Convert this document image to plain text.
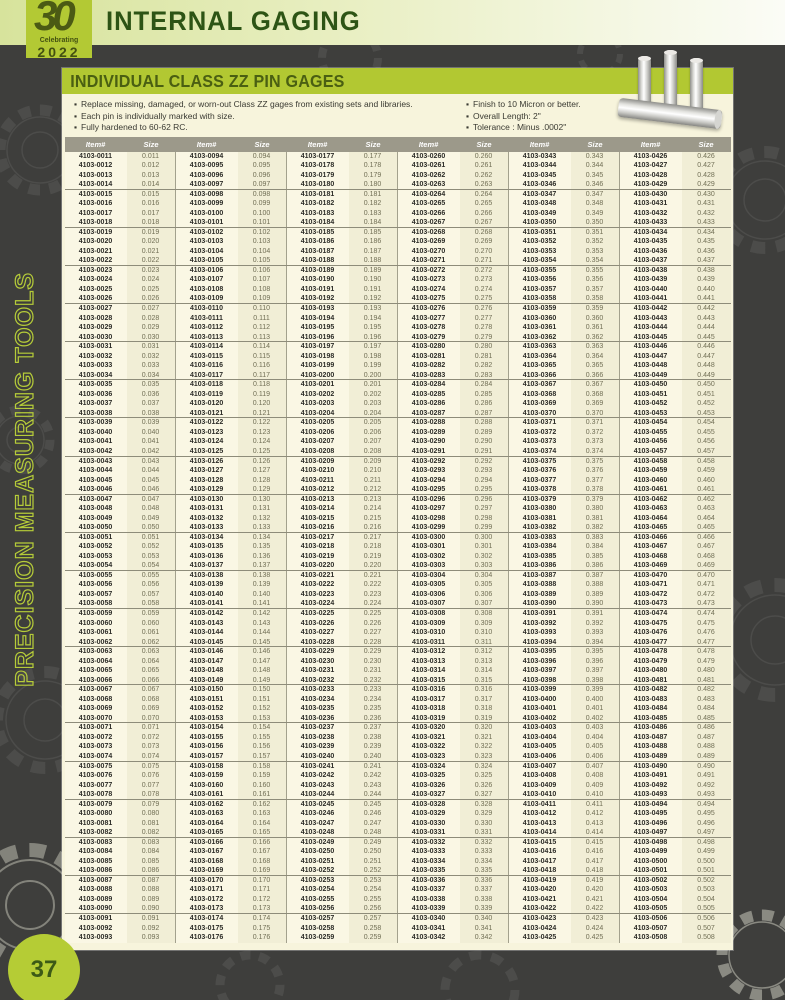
INTERNAL GAGING
30
Celebrating
2022
PRECISION MEASURING TOOLS
37
INDIVIDUAL CLASS ZZ PIN GAGES
▪ Replace missing, damaged, or worn-out Class ZZ gages from existing sets and libraries.
▪ Each pin is individually marked with size.
▪ Fully hardened to 60-62 RC.
▪ Finish to 10 Micron or better.
▪ Overall Length: 2"
▪ Tolerance : Minus .0002"
Item#	Size	Item#	Size	Item#	Size	Item#	Size	Item#	Size	Item#	Size
4103-0011	0.011	4103-0094	0.094	4103-0177	0.177	4103-0260	0.260	4103-0343	0.343	4103-0426	0.426
4103-0012	0.012	4103-0095	0.095	4103-0178	0.178	4103-0261	0.261	4103-0344	0.344	4103-0427	0.427
4103-0013	0.013	4103-0096	0.096	4103-0179	0.179	4103-0262	0.262	4103-0345	0.345	4103-0428	0.428
4103-0014	0.014	4103-0097	0.097	4103-0180	0.180	4103-0263	0.263	4103-0346	0.346	4103-0429	0.429
4103-0015	0.015	4103-0098	0.098	4103-0181	0.181	4103-0264	0.264	4103-0347	0.347	4103-0430	0.430
4103-0016	0.016	4103-0099	0.099	4103-0182	0.182	4103-0265	0.265	4103-0348	0.348	4103-0431	0.431
4103-0017	0.017	4103-0100	0.100	4103-0183	0.183	4103-0266	0.266	4103-0349	0.349	4103-0432	0.432
4103-0018	0.018	4103-0101	0.101	4103-0184	0.184	4103-0267	0.267	4103-0350	0.350	4103-0433	0.433
4103-0019	0.019	4103-0102	0.102	4103-0185	0.185	4103-0268	0.268	4103-0351	0.351	4103-0434	0.434
4103-0020	0.020	4103-0103	0.103	4103-0186	0.186	4103-0269	0.269	4103-0352	0.352	4103-0435	0.435
4103-0021	0.021	4103-0104	0.104	4103-0187	0.187	4103-0270	0.270	4103-0353	0.353	4103-0436	0.436
4103-0022	0.022	4103-0105	0.105	4103-0188	0.188	4103-0271	0.271	4103-0354	0.354	4103-0437	0.437
4103-0023	0.023	4103-0106	0.106	4103-0189	0.189	4103-0272	0.272	4103-0355	0.355	4103-0438	0.438
4103-0024	0.024	4103-0107	0.107	4103-0190	0.190	4103-0273	0.273	4103-0356	0.356	4103-0439	0.439
4103-0025	0.025	4103-0108	0.108	4103-0191	0.191	4103-0274	0.274	4103-0357	0.357	4103-0440	0.440
4103-0026	0.026	4103-0109	0.109	4103-0192	0.192	4103-0275	0.275	4103-0358	0.358	4103-0441	0.441
4103-0027	0.027	4103-0110	0.110	4103-0193	0.193	4103-0276	0.276	4103-0359	0.359	4103-0442	0.442
4103-0028	0.028	4103-0111	0.111	4103-0194	0.194	4103-0277	0.277	4103-0360	0.360	4103-0443	0.443
4103-0029	0.029	4103-0112	0.112	4103-0195	0.195	4103-0278	0.278	4103-0361	0.361	4103-0444	0.444
4103-0030	0.030	4103-0113	0.113	4103-0196	0.196	4103-0279	0.279	4103-0362	0.362	4103-0445	0.445
4103-0031	0.031	4103-0114	0.114	4103-0197	0.197	4103-0280	0.280	4103-0363	0.363	4103-0446	0.446
4103-0032	0.032	4103-0115	0.115	4103-0198	0.198	4103-0281	0.281	4103-0364	0.364	4103-0447	0.447
4103-0033	0.033	4103-0116	0.116	4103-0199	0.199	4103-0282	0.282	4103-0365	0.365	4103-0448	0.448
4103-0034	0.034	4103-0117	0.117	4103-0200	0.200	4103-0283	0.283	4103-0366	0.366	4103-0449	0.449
4103-0035	0.035	4103-0118	0.118	4103-0201	0.201	4103-0284	0.284	4103-0367	0.367	4103-0450	0.450
4103-0036	0.036	4103-0119	0.119	4103-0202	0.202	4103-0285	0.285	4103-0368	0.368	4103-0451	0.451
4103-0037	0.037	4103-0120	0.120	4103-0203	0.203	4103-0286	0.286	4103-0369	0.369	4103-0452	0.452
4103-0038	0.038	4103-0121	0.121	4103-0204	0.204	4103-0287	0.287	4103-0370	0.370	4103-0453	0.453
4103-0039	0.039	4103-0122	0.122	4103-0205	0.205	4103-0288	0.288	4103-0371	0.371	4103-0454	0.454
4103-0040	0.040	4103-0123	0.123	4103-0206	0.206	4103-0289	0.289	4103-0372	0.372	4103-0455	0.455
4103-0041	0.041	4103-0124	0.124	4103-0207	0.207	4103-0290	0.290	4103-0373	0.373	4103-0456	0.456
4103-0042	0.042	4103-0125	0.125	4103-0208	0.208	4103-0291	0.291	4103-0374	0.374	4103-0457	0.457
4103-0043	0.043	4103-0126	0.126	4103-0209	0.209	4103-0292	0.292	4103-0375	0.375	4103-0458	0.458
4103-0044	0.044	4103-0127	0.127	4103-0210	0.210	4103-0293	0.293	4103-0376	0.376	4103-0459	0.459
4103-0045	0.045	4103-0128	0.128	4103-0211	0.211	4103-0294	0.294	4103-0377	0.377	4103-0460	0.460
4103-0046	0.046	4103-0129	0.129	4103-0212	0.212	4103-0295	0.295	4103-0378	0.378	4103-0461	0.461
4103-0047	0.047	4103-0130	0.130	4103-0213	0.213	4103-0296	0.296	4103-0379	0.379	4103-0462	0.462
4103-0048	0.048	4103-0131	0.131	4103-0214	0.214	4103-0297	0.297	4103-0380	0.380	4103-0463	0.463
4103-0049	0.049	4103-0132	0.132	4103-0215	0.215	4103-0298	0.298	4103-0381	0.381	4103-0464	0.464
4103-0050	0.050	4103-0133	0.133	4103-0216	0.216	4103-0299	0.299	4103-0382	0.382	4103-0465	0.465
4103-0051	0.051	4103-0134	0.134	4103-0217	0.217	4103-0300	0.300	4103-0383	0.383	4103-0466	0.466
4103-0052	0.052	4103-0135	0.135	4103-0218	0.218	4103-0301	0.301	4103-0384	0.384	4103-0467	0.467
4103-0053	0.053	4103-0136	0.136	4103-0219	0.219	4103-0302	0.302	4103-0385	0.385	4103-0468	0.468
4103-0054	0.054	4103-0137	0.137	4103-0220	0.220	4103-0303	0.303	4103-0386	0.386	4103-0469	0.469
4103-0055	0.055	4103-0138	0.138	4103-0221	0.221	4103-0304	0.304	4103-0387	0.387	4103-0470	0.470
4103-0056	0.056	4103-0139	0.139	4103-0222	0.222	4103-0305	0.305	4103-0388	0.388	4103-0471	0.471
4103-0057	0.057	4103-0140	0.140	4103-0223	0.223	4103-0306	0.306	4103-0389	0.389	4103-0472	0.472
4103-0058	0.058	4103-0141	0.141	4103-0224	0.224	4103-0307	0.307	4103-0390	0.390	4103-0473	0.473
4103-0059	0.059	4103-0142	0.142	4103-0225	0.225	4103-0308	0.308	4103-0391	0.391	4103-0474	0.474
4103-0060	0.060	4103-0143	0.143	4103-0226	0.226	4103-0309	0.309	4103-0392	0.392	4103-0475	0.475
4103-0061	0.061	4103-0144	0.144	4103-0227	0.227	4103-0310	0.310	4103-0393	0.393	4103-0476	0.476
4103-0062	0.062	4103-0145	0.145	4103-0228	0.228	4103-0311	0.311	4103-0394	0.394	4103-0477	0.477
4103-0063	0.063	4103-0146	0.146	4103-0229	0.229	4103-0312	0.312	4103-0395	0.395	4103-0478	0.478
4103-0064	0.064	4103-0147	0.147	4103-0230	0.230	4103-0313	0.313	4103-0396	0.396	4103-0479	0.479
4103-0065	0.065	4103-0148	0.148	4103-0231	0.231	4103-0314	0.314	4103-0397	0.397	4103-0480	0.480
4103-0066	0.066	4103-0149	0.149	4103-0232	0.232	4103-0315	0.315	4103-0398	0.398	4103-0481	0.481
4103-0067	0.067	4103-0150	0.150	4103-0233	0.233	4103-0316	0.316	4103-0399	0.399	4103-0482	0.482
4103-0068	0.068	4103-0151	0.151	4103-0234	0.234	4103-0317	0.317	4103-0400	0.400	4103-0483	0.483
4103-0069	0.069	4103-0152	0.152	4103-0235	0.235	4103-0318	0.318	4103-0401	0.401	4103-0484	0.484
4103-0070	0.070	4103-0153	0.153	4103-0236	0.236	4103-0319	0.319	4103-0402	0.402	4103-0485	0.485
4103-0071	0.071	4103-0154	0.154	4103-0237	0.237	4103-0320	0.320	4103-0403	0.403	4103-0486	0.486
4103-0072	0.072	4103-0155	0.155	4103-0238	0.238	4103-0321	0.321	4103-0404	0.404	4103-0487	0.487
4103-0073	0.073	4103-0156	0.156	4103-0239	0.239	4103-0322	0.322	4103-0405	0.405	4103-0488	0.488
4103-0074	0.074	4103-0157	0.157	4103-0240	0.240	4103-0323	0.323	4103-0406	0.406	4103-0489	0.489
4103-0075	0.075	4103-0158	0.158	4103-0241	0.241	4103-0324	0.324	4103-0407	0.407	4103-0490	0.490
4103-0076	0.076	4103-0159	0.159	4103-0242	0.242	4103-0325	0.325	4103-0408	0.408	4103-0491	0.491
4103-0077	0.077	4103-0160	0.160	4103-0243	0.243	4103-0326	0.326	4103-0409	0.409	4103-0492	0.492
4103-0078	0.078	4103-0161	0.161	4103-0244	0.244	4103-0327	0.327	4103-0410	0.410	4103-0493	0.493
4103-0079	0.079	4103-0162	0.162	4103-0245	0.245	4103-0328	0.328	4103-0411	0.411	4103-0494	0.494
4103-0080	0.080	4103-0163	0.163	4103-0246	0.246	4103-0329	0.329	4103-0412	0.412	4103-0495	0.495
4103-0081	0.081	4103-0164	0.164	4103-0247	0.247	4103-0330	0.330	4103-0413	0.413	4103-0496	0.496
4103-0082	0.082	4103-0165	0.165	4103-0248	0.248	4103-0331	0.331	4103-0414	0.414	4103-0497	0.497
4103-0083	0.083	4103-0166	0.166	4103-0249	0.249	4103-0332	0.332	4103-0415	0.415	4103-0498	0.498
4103-0084	0.084	4103-0167	0.167	4103-0250	0.250	4103-0333	0.333	4103-0416	0.416	4103-0499	0.499
4103-0085	0.085	4103-0168	0.168	4103-0251	0.251	4103-0334	0.334	4103-0417	0.417	4103-0500	0.500
4103-0086	0.086	4103-0169	0.169	4103-0252	0.252	4103-0335	0.335	4103-0418	0.418	4103-0501	0.501
4103-0087	0.087	4103-0170	0.170	4103-0253	0.253	4103-0336	0.336	4103-0419	0.419	4103-0502	0.502
4103-0088	0.088	4103-0171	0.171	4103-0254	0.254	4103-0337	0.337	4103-0420	0.420	4103-0503	0.503
4103-0089	0.089	4103-0172	0.172	4103-0255	0.255	4103-0338	0.338	4103-0421	0.421	4103-0504	0.504
4103-0090	0.090	4103-0173	0.173	4103-0256	0.256	4103-0339	0.339	4103-0422	0.422	4103-0505	0.505
4103-0091	0.091	4103-0174	0.174	4103-0257	0.257	4103-0340	0.340	4103-0423	0.423	4103-0506	0.506
4103-0092	0.092	4103-0175	0.175	4103-0258	0.258	4103-0341	0.341	4103-0424	0.424	4103-0507	0.507
4103-0093	0.093	4103-0176	0.176	4103-0259	0.259	4103-0342	0.342	4103-0425	0.425	4103-0508	0.508
